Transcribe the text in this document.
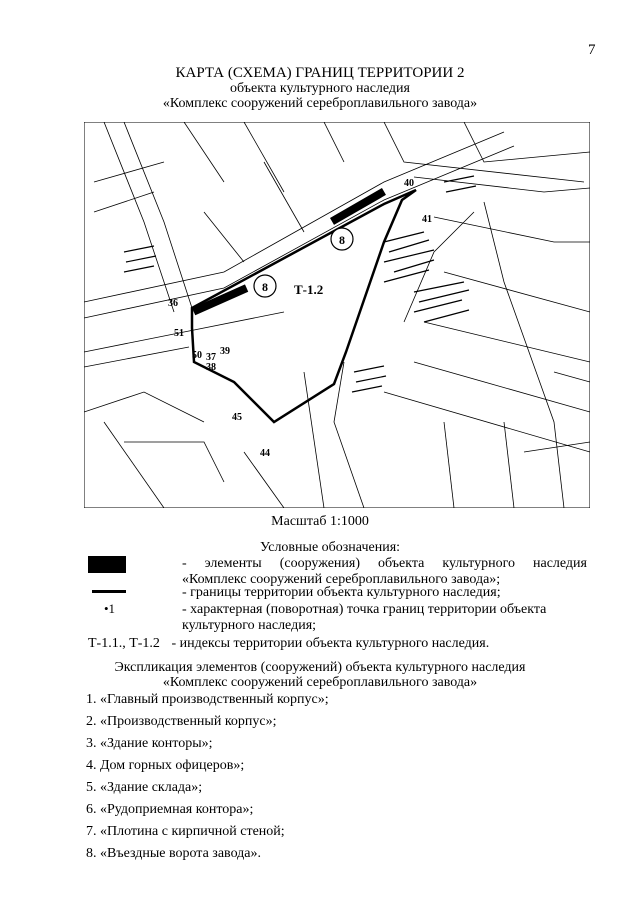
7
КАРТА (СХЕМА) ГРАНИЦ ТЕРРИТОРИИ 2
объекта культурного наследия
«Комплекс сооружений сереброплавильного завода»
8
8
Т-1.2
36
37
38
39
40
41
44
45
50
51
Масштаб 1:1000
Условные обозначения:
- элементы (сооружения) объекта культурного наследия
«Комплекс сооружений сереброплавильного завода»;
- границы территории объекта культурного наследия;
•1	- характерная (поворотная) точка границ территории объекта
культурного наследия;
Т-1.1., Т-1.2 - индексы территории объекта культурного наследия.
Экспликация элементов (сооружений) объекта культурного наследия
«Комплекс сооружений сереброплавильного завода»
1. «Главный производственный корпус»;
2. «Производственный корпус»;
3. «Здание конторы»;
4. Дом горных офицеров»;
5. «Здание склада»;
6. «Рудоприемная контора»;
7. «Плотина с кирпичной стеной;
8. «Въездные ворота завода».
